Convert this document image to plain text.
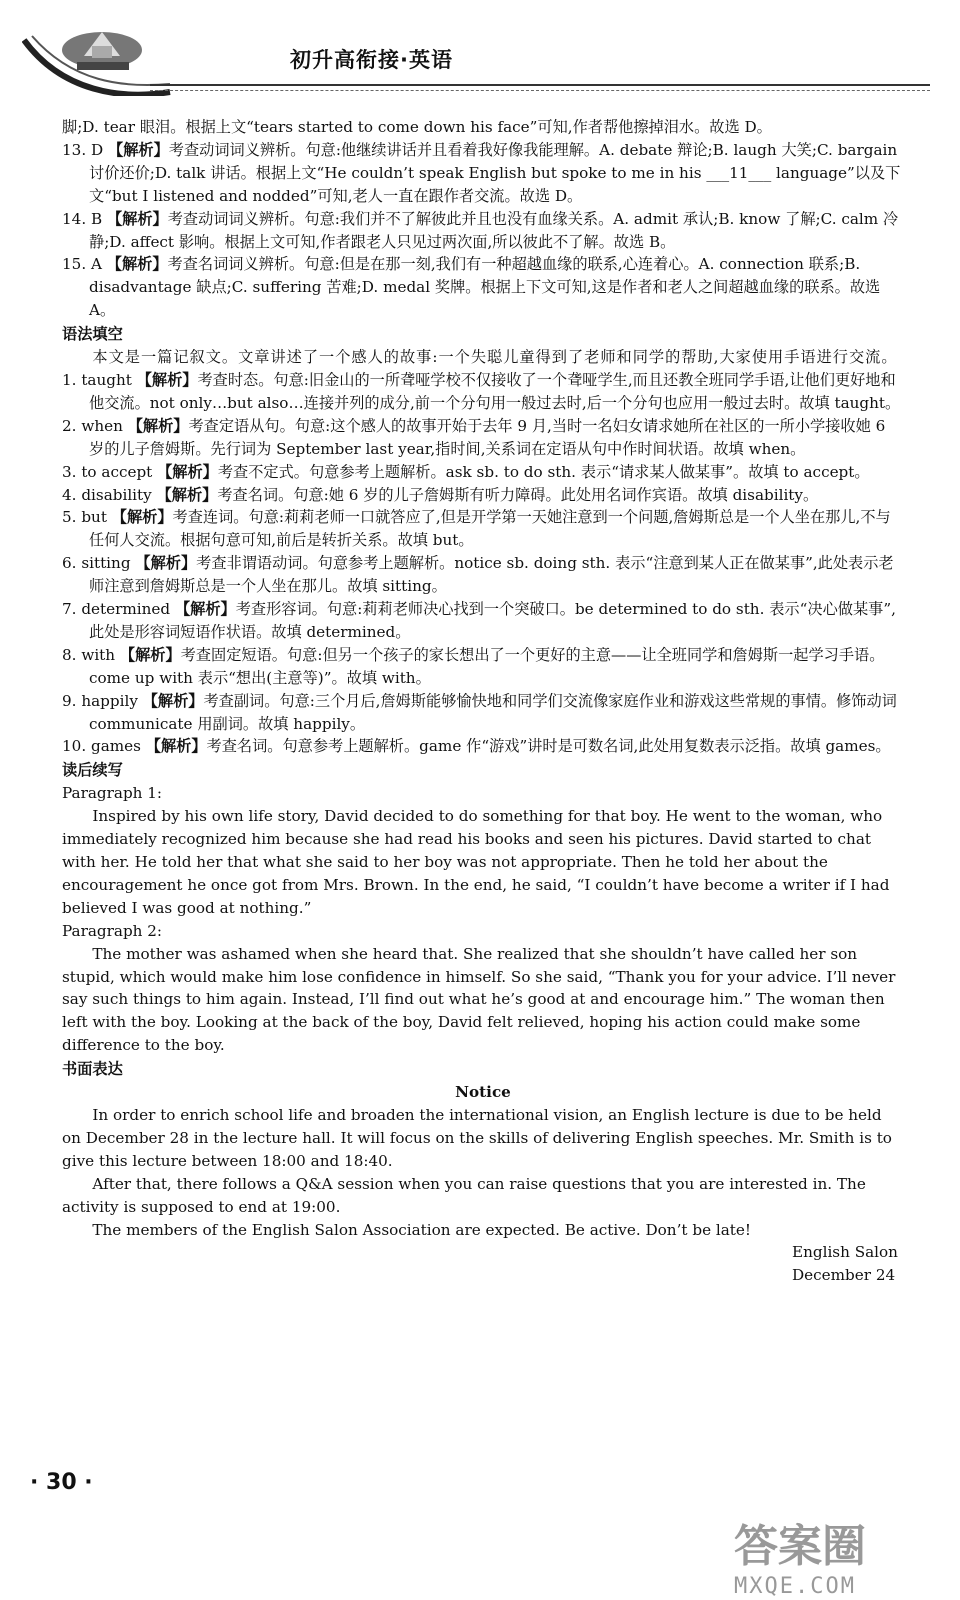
初升高衔接·英语

脚;D. tear 眼泪。根据上文“tears started to come down his face”可知,作者帮他擦掉泪水。故选 D。

13. D 【解析】考查动词词义辨析。句意:他继续讲话并且看着我好像我能理解。A. debate 辩论;B. laugh 大笑;C. bargain 讨价还价;D. talk 讲话。根据上文“He couldn’t speak English but spoke to me in his ___11___ language”以及下文“but I listened and nodded”可知,老人一直在跟作者交流。故选 D。

14. B 【解析】考查动词词义辨析。句意:我们并不了解彼此并且也没有血缘关系。A. admit 承认;B. know 了解;C. calm 冷静;D. affect 影响。根据上文可知,作者跟老人只见过两次面,所以彼此不了解。故选 B。

15. A 【解析】考查名词词义辨析。句意:但是在那一刻,我们有一种超越血缘的联系,心连着心。A. connection 联系;B. disadvantage 缺点;C. suffering 苦难;D. medal 奖牌。根据上下文可知,这是作者和老人之间超越血缘的联系。故选 A。

语法填空

本文是一篇记叙文。文章讲述了一个感人的故事:一个失聪儿童得到了老师和同学的帮助,大家使用手语进行交流。

1. taught 【解析】考查时态。句意:旧金山的一所聋哑学校不仅接收了一个聋哑学生,而且还教全班同学手语,让他们更好地和他交流。not only…but also…连接并列的成分,前一个分句用一般过去时,后一个分句也应用一般过去时。故填 taught。

2. when 【解析】考查定语从句。句意:这个感人的故事开始于去年 9 月,当时一名妇女请求她所在社区的一所小学接收她 6 岁的儿子詹姆斯。先行词为 September last year,指时间,关系词在定语从句中作时间状语。故填 when。

3. to accept 【解析】考查不定式。句意参考上题解析。ask sb. to do sth. 表示“请求某人做某事”。故填 to accept。

4. disability 【解析】考查名词。句意:她 6 岁的儿子詹姆斯有听力障碍。此处用名词作宾语。故填 disability。

5. but 【解析】考查连词。句意:莉莉老师一口就答应了,但是开学第一天她注意到一个问题,詹姆斯总是一个人坐在那儿,不与任何人交流。根据句意可知,前后是转折关系。故填 but。

6. sitting 【解析】考查非谓语动词。句意参考上题解析。notice sb. doing sth. 表示“注意到某人正在做某事”,此处表示老师注意到詹姆斯总是一个人坐在那儿。故填 sitting。

7. determined 【解析】考查形容词。句意:莉莉老师决心找到一个突破口。be determined to do sth. 表示“决心做某事”,此处是形容词短语作状语。故填 determined。

8. with 【解析】考查固定短语。句意:但另一个孩子的家长想出了一个更好的主意——让全班同学和詹姆斯一起学习手语。come up with 表示“想出(主意等)”。故填 with。

9. happily 【解析】考查副词。句意:三个月后,詹姆斯能够愉快地和同学们交流像家庭作业和游戏这些常规的事情。修饰动词 communicate 用副词。故填 happily。

10. games 【解析】考查名词。句意参考上题解析。game 作“游戏”讲时是可数名词,此处用复数表示泛指。故填 games。

读后续写

Paragraph 1:

Inspired by his own life story, David decided to do something for that boy. He went to the woman, who immediately recognized him because she had read his books and seen his pictures. David started to chat with her. He told her that what she said to her boy was not appropriate. Then he told her about the encouragement he once got from Mrs. Brown. In the end, he said, “I couldn’t have become a writer if I had believed I was good at nothing.”

Paragraph 2:

The mother was ashamed when she heard that. She realized that she shouldn’t have called her son stupid, which would make him lose confidence in himself. So she said, “Thank you for your advice. I’ll never say such things to him again. Instead, I’ll find out what he’s good at and encourage him.” The woman then left with the boy. Looking at the back of the boy, David felt relieved, hoping his action could make some difference to the boy.

书面表达

Notice

In order to enrich school life and broaden the international vision, an English lecture is due to be held on December 28 in the lecture hall. It will focus on the skills of delivering English speeches. Mr. Smith is to give this lecture between 18:00 and 18:40.

After that, there follows a Q&A session when you can raise questions that you are interested in. The activity is supposed to end at 19:00.

The members of the English Salon Association are expected. Be active. Don’t be late!

English Salon

December 24

· 30 ·
答案圈
MXQE.COM
